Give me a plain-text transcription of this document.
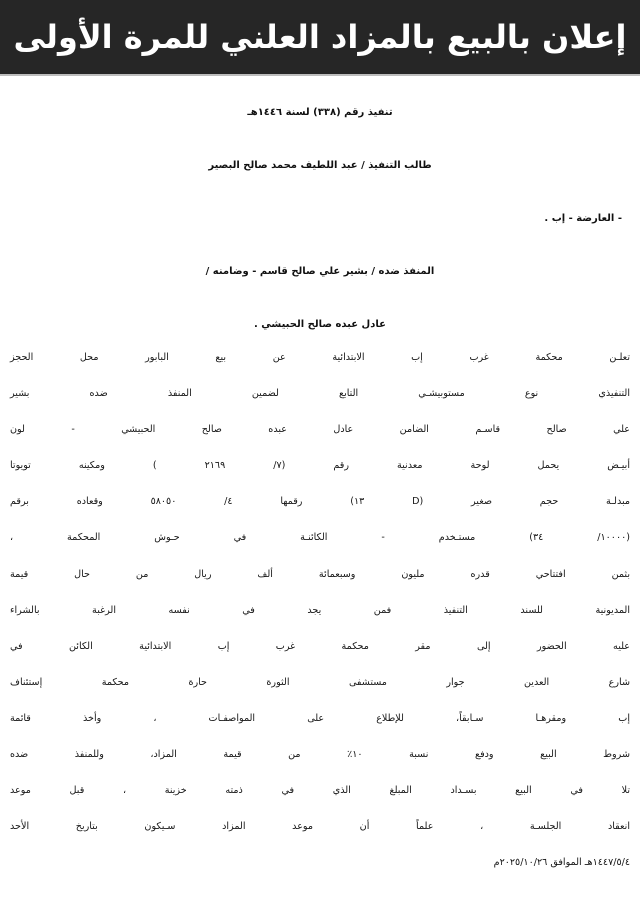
إعلان بالبيع بالمزاد العلني للمرة الأولى
تنفيذ رقم (٣٣٨) لسنة ١٤٤٦هـ
طالب التنفيذ / عبد اللطيف محمد صالح البصير
- العارضة - إب .
المنفذ ضده / بشير علي صالح قاسم - وضامنه /
عادل عبده صالح الحبيشي .
تعلـن محكمة غرب إب الابتدائية عن بيع البابور محل الحجز
التنفيذي نوع مستوبيشـي التابع لضمين المنفذ ضده بشير
علي صالح قاسـم الضامن عادل عبده صالح الحبيشي - لون
أبيـض يحمل لوحة معدنية رقم (٧/ ٢١٦٩ ) ومكينه تويوتا
مبدلـة حجم صغير (D ١٣) رقمها ٤/ ٥٨٠٥٠ وقعاده برقم
(١٠٠٠٠/ ٣٤) مستـخدم - الكائنـة في حـوش المحكمة ،
بثمن افتتاحي قدره مليون وسبعمائة ألف ريال من حال قيمة
المديونية للسند التنفيذ فمن يجد في نفسه الرغبة بالشراء
عليه الحضور إلى مقر محكمة غرب إب الابتدائية الكائن في
شارع العدين جوار مستشفى الثورة حارة محكمة إستئناف
إب ومقرهـا سـابقاً، للإطلاع على المواصفـات ، وأخذ قائمة
شروط البيع ودفع نسبة ١٠٪ من قيمة المزاد، وللمنفذ ضده
تلا في البيع بسـداد المبلغ الذي في ذمته خزينة ، قبل موعد
انعقاد الجلسـة ، علماً أن موعد المزاد سـيكون بتاريخ الأحد
١٤٤٧/٥/٤هـ الموافق ٢٠٢٥/١٠/٢٦م
